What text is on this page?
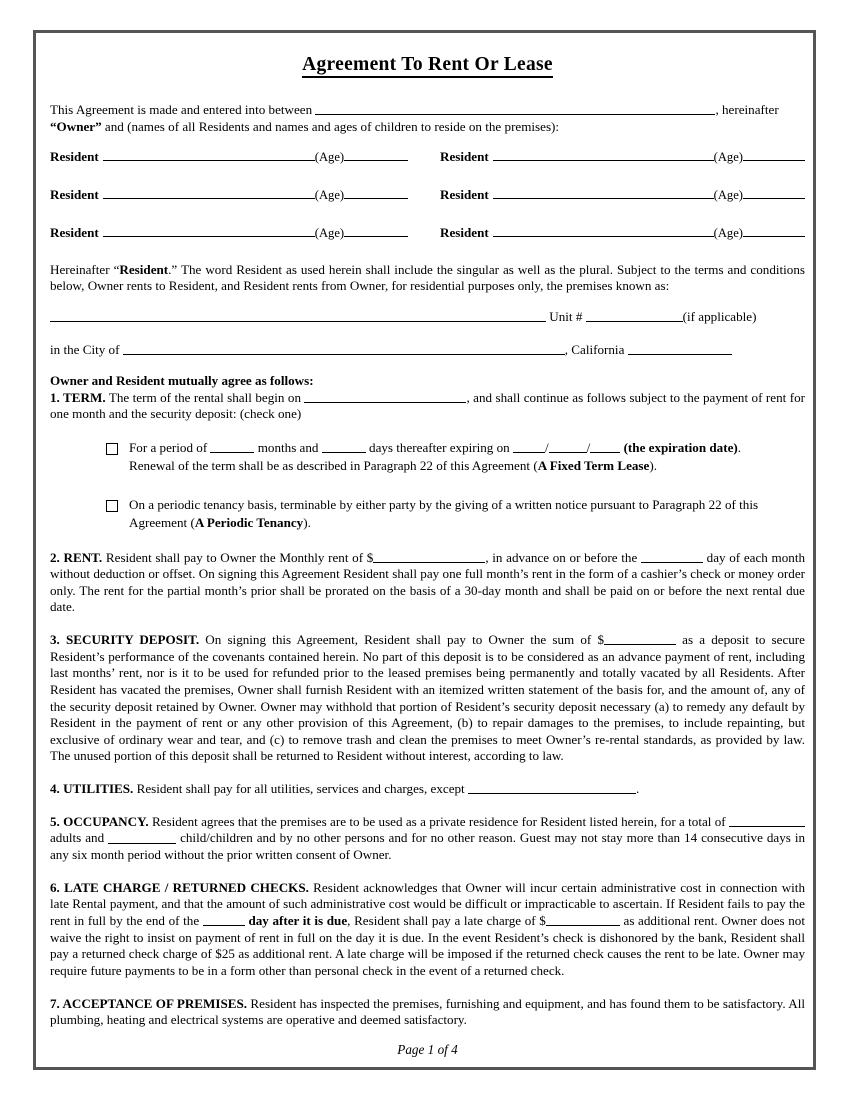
Agreement To Rent Or Lease

This Agreement is made and entered into between	, hereinafter

“Owner” and (names of all Residents and names and ages of children to reside on the premises):

Resident	(Age)	Resident	(Age)
Resident	(Age)	Resident	(Age)
Resident	(Age)	Resident	(Age)

Hereinafter “Resident.” The word Resident as used herein shall include the singular as well as the plural. Subject to the terms and conditions below, Owner rents to Resident, and Resident rents from Owner, for residential purposes only, the premises known as:

Unit #	(if applicable)
in the City of	, California

Owner and Resident mutually agree as follows:

1. TERM. The term of the rental shall begin on	, and shall continue as follows subject to the payment of rent for one month and the security deposit: (check one)

For a period of	months and	days thereafter expiring on /	/	(the expiration date).
Renewal of the term shall be as described in Paragraph 22 of this Agreement (A Fixed Term Lease).
On a periodic tenancy basis, terminable by either party by the giving of a written notice pursuant to Paragraph 22 of this Agreement (A Periodic Tenancy).

2. RENT. Resident shall pay to Owner the Monthly rent of $	, in advance on or before the	day of each month without deduction or offset. On signing this Agreement Resident shall pay one full month’s rent in the form of a cashier’s check or money order only. The rent for the partial month’s prior shall be prorated on the basis of a 30-day month and shall be paid on or before the next rental due date.

3. SECURITY DEPOSIT. On signing this Agreement, Resident shall pay to Owner the sum of $	as a deposit to secure Resident’s performance of the covenants contained herein. No part of this deposit is to be considered as an advance payment of rent, including last months’ rent, nor is it to be used for refunded prior to the leased premises being permanently and totally vacated by all Residents. After Resident has vacated the premises, Owner shall furnish Resident with an itemized written statement of the basis for, and the amount of, any of the security deposit retained by Owner. Owner may withhold that portion of Resident’s security deposit necessary (a) to remedy any default by Resident in the payment of rent or any other provision of this Agreement, (b) to repair damages to the premises, to include repainting, but exclusive of ordinary wear and tear, and (c) to remove trash and clean the premises to meet Owner’s re-rental standards, as provided by law. The unused portion of this deposit shall be returned to Resident without interest, according to law.

4. UTILITIES. Resident shall pay for all utilities, services and charges, except	.

5. OCCUPANCY. Resident agrees that the premises are to be used as a private residence for Resident listed herein, for a total of  adults and	child/children and by no other persons and for no other reason. Guest may not stay more than 14 consecutive days in any six month period without the prior written consent of Owner.

6. LATE CHARGE / RETURNED CHECKS. Resident acknowledges that Owner will incur certain administrative cost in connection with late Rental payment, and that the amount of such administrative cost would be difficult or impracticable to ascertain. If Resident fails to pay the rent in full by the end of the	day after it is due, Resident shall pay a late charge of $	as additional rent. Owner does not waive the right to insist on payment of rent in full on the day it is due. In the event Resident’s check is dishonored by the bank, Resident shall pay a returned check charge of $25 as additional rent. A late charge will be imposed if the returned check causes the rent to be late. Owner may require future payments to be in a form other than personal check in the event of a returned check.

7. ACCEPTANCE OF PREMISES. Resident has inspected the premises, furnishing and equipment, and has found them to be satisfactory. All plumbing, heating and electrical systems are operative and deemed satisfactory.

Page 1 of 4
